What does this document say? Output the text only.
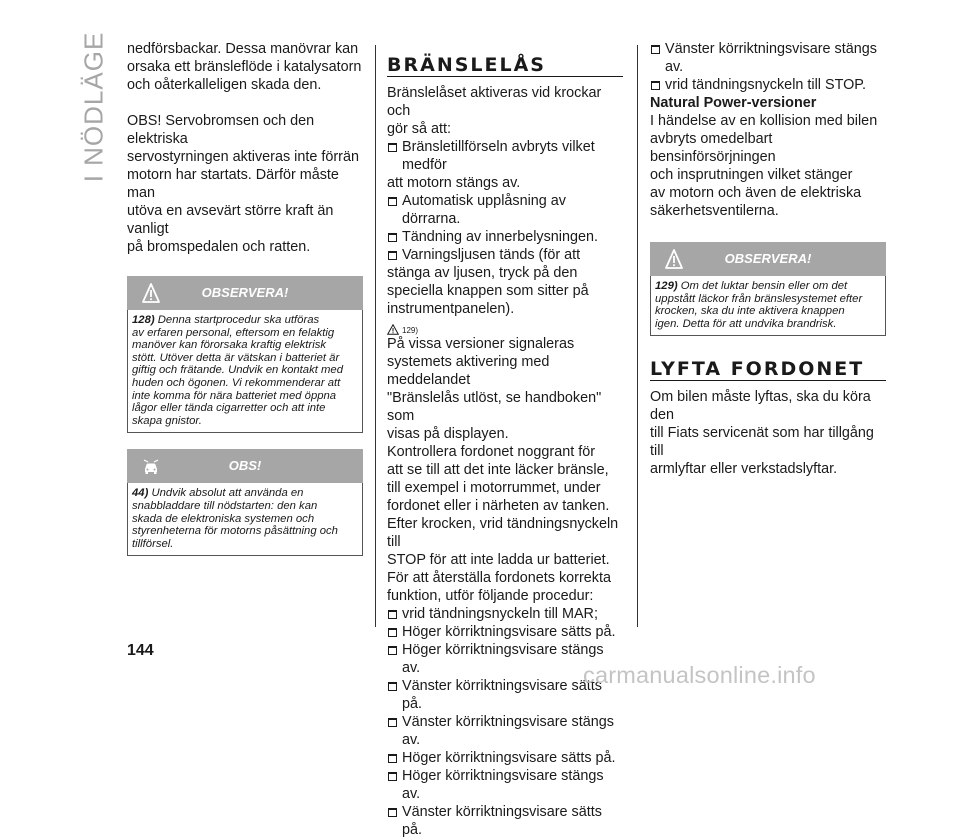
I NÖDLÄGE nedförsbackar. Dessa manövrar kan

orsaka ett bränsleflöde i katalysatorn

och oåterkalleligen skada den.

OBS! Servobromsen och den elektriska

servostyrningen aktiveras inte förrän

motorn har startats. Därför måste man

utöva en avsevärt större kraft än vanligt

på bromspedalen och ratten.

OBSERVERA!

128) Denna startprocedur ska utföras

av erfaren personal, eftersom en felaktig

manöver kan förorsaka kraftig elektrisk

stött. Utöver detta är vätskan i batteriet är

giftig och frätande. Undvik en kontakt med

huden och ögonen. Vi rekommenderar att

inte komma för nära batteriet med öppna

lågor eller tända cigarretter och att inte

skapa gnistor.

OBS!

44) Undvik absolut att använda en

snabbladdare till nödstarten: den kan

skada de elektroniska systemen och

styrenheterna för motorns påsättning och

tillförsel.

BRÄNSLELÅS

Bränslelåset aktiveras vid krockar och

gör så att:

Bränsletillförseln avbryts vilket medför

att motorn stängs av.

Automatisk upplåsning av dörrarna.

Tändning av innerbelysningen.

Varningsljusen tänds (för att

stänga av ljusen, tryck på den

speciella knappen som sitter på

instrumentpanelen).

129)

På vissa versioner signaleras

systemets aktivering med meddelandet

"Bränslelås utlöst, se handboken" som

visas på displayen.

Kontrollera fordonet noggrant för

att se till att det inte läcker bränsle,

till exempel i motorrummet, under

fordonet eller i närheten av tanken.

Efter krocken, vrid tändningsnyckeln till

STOP för att inte ladda ur batteriet.

För att återställa fordonets korrekta

funktion, utför följande procedur:

vrid tändningsnyckeln till MAR;

Höger körriktningsvisare sätts på.

Höger körriktningsvisare stängs av.

Vänster körriktningsvisare sätts på.

Vänster körriktningsvisare stängs av.

Höger körriktningsvisare sätts på.

Höger körriktningsvisare stängs av.

Vänster körriktningsvisare sätts på.

Vänster körriktningsvisare stängs av.

vrid tändningsnyckeln till STOP.

Natural Power-versioner

I händelse av en kollision med bilen

avbryts omedelbart bensinförsörjningen

och insprutningen vilket stänger

av motorn och även de elektriska

säkerhetsventilerna.

OBSERVERA!

129) Om det luktar bensin eller om det

uppstått läckor från bränslesystemet efter

krocken, ska du inte aktivera knappen

igen. Detta för att undvika brandrisk.

LYFTA FORDONET

Om bilen måste lyftas, ska du köra den

till Fiats servicenät som har tillgång till

armlyftar eller verkstadslyftar.

144
carmanualsonline.info
